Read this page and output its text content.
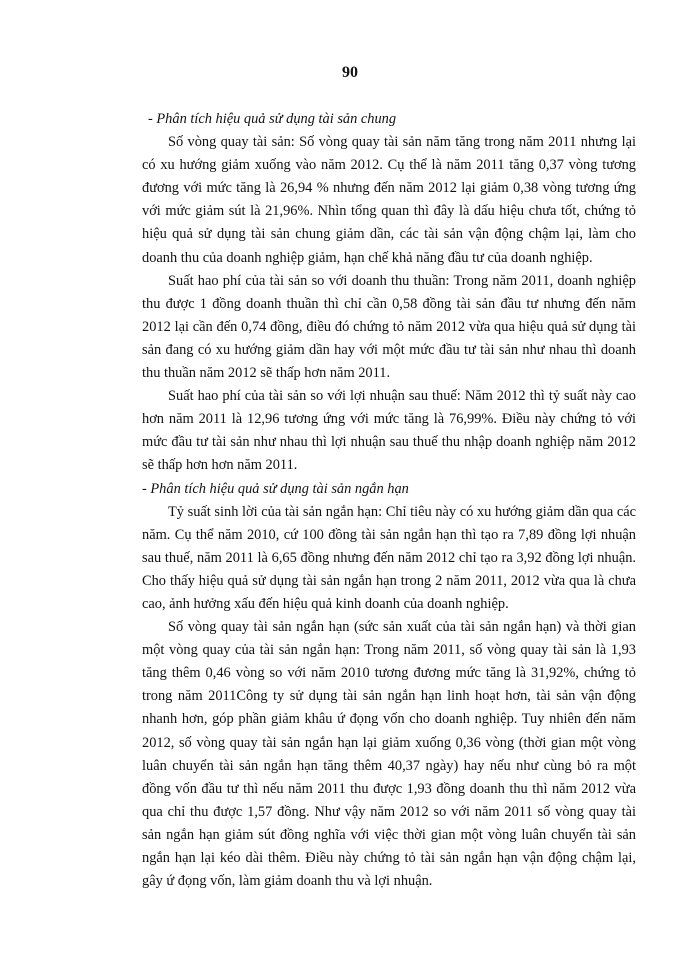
90

- Phân tích hiệu quả sử dụng tài sản chung

Số vòng quay tài sản: Số vòng quay tài sản năm tăng trong năm 2011 nhưng lại có xu hướng giảm xuống vào năm 2012. Cụ thể là năm 2011 tăng 0,37 vòng tương đương với mức tăng là 26,94 % nhưng đến năm 2012 lại giảm 0,38 vòng tương ứng với mức giảm sút là 21,96%. Nhìn tổng quan thì đây là dấu hiệu chưa tốt, chứng tỏ hiệu quả sử dụng tài sản chung giảm dần, các tài sản vận động chậm lại, làm cho doanh thu của doanh nghiệp giảm, hạn chế khả năng đầu tư của doanh nghiệp.

Suất hao phí của tài sản so với doanh thu thuần: Trong năm 2011, doanh nghiệp thu được 1 đồng doanh thuần thì chỉ cần 0,58 đồng tài sản đầu tư nhưng đến năm 2012 lại cần đến 0,74 đồng, điều đó chứng tỏ năm 2012 vừa qua hiệu quả sử dụng tài sản đang có xu hướng giảm dần hay với một mức đầu tư tài sản như nhau thì doanh thu thuần năm 2012 sẽ thấp hơn năm 2011.

Suất hao phí của tài sản so với lợi nhuận sau thuế: Năm 2012 thì tỷ suất này cao hơn năm 2011 là 12,96 tương ứng với mức tăng là 76,99%. Điều này chứng tỏ với mức đầu tư tài sản như nhau thì lợi nhuận sau thuế thu nhập doanh nghiệp năm 2012 sẽ thấp hơn hơn năm 2011.

- Phân tích hiệu quả sử dụng tài sản ngắn hạn

Tỷ suất sinh lời của tài sản ngắn hạn: Chỉ tiêu này có xu hướng giảm dần qua các năm. Cụ thể năm 2010, cứ 100 đồng tài sản ngắn hạn thì tạo ra 7,89 đồng lợi nhuận sau thuế, năm 2011 là 6,65 đồng nhưng đến năm 2012 chỉ tạo ra 3,92 đồng lợi nhuận. Cho thấy hiệu quả sử dụng tài sản ngắn hạn trong 2 năm 2011, 2012 vừa qua là chưa cao, ảnh hưởng xấu đến hiệu quả kinh doanh của doanh nghiệp.

Số vòng quay tài sản ngắn hạn (sức sản xuất của tài sản ngắn hạn) và thời gian một vòng quay của tài sản ngắn hạn: Trong năm 2011, số vòng quay tài sản là 1,93 tăng thêm 0,46 vòng so với năm 2010 tương đương mức tăng là 31,92%, chứng tỏ trong năm 2011Công ty sử dụng tài sản ngắn hạn linh hoạt hơn, tài sản vận động nhanh hơn, góp phần giảm khâu ứ đọng vốn cho doanh nghiệp. Tuy nhiên đến năm 2012, số vòng quay tài sản ngắn hạn lại giảm xuống 0,36 vòng (thời gian một vòng luân chuyển tài sản ngắn hạn tăng thêm 40,37 ngày) hay nếu như cùng bỏ ra một đồng vốn đầu tư thì nếu năm 2011 thu được 1,93 đồng doanh thu thì năm 2012 vừa qua chỉ thu được 1,57 đồng. Như vậy năm 2012 so với năm 2011 số vòng quay tài sản ngắn hạn giảm sút đồng nghĩa với việc thời gian một vòng luân chuyển tài sản ngắn hạn lại kéo dài thêm. Điều này chứng tỏ tài sản ngắn hạn vận động chậm lại, gây ứ đọng vốn, làm giảm doanh thu và lợi nhuận.
